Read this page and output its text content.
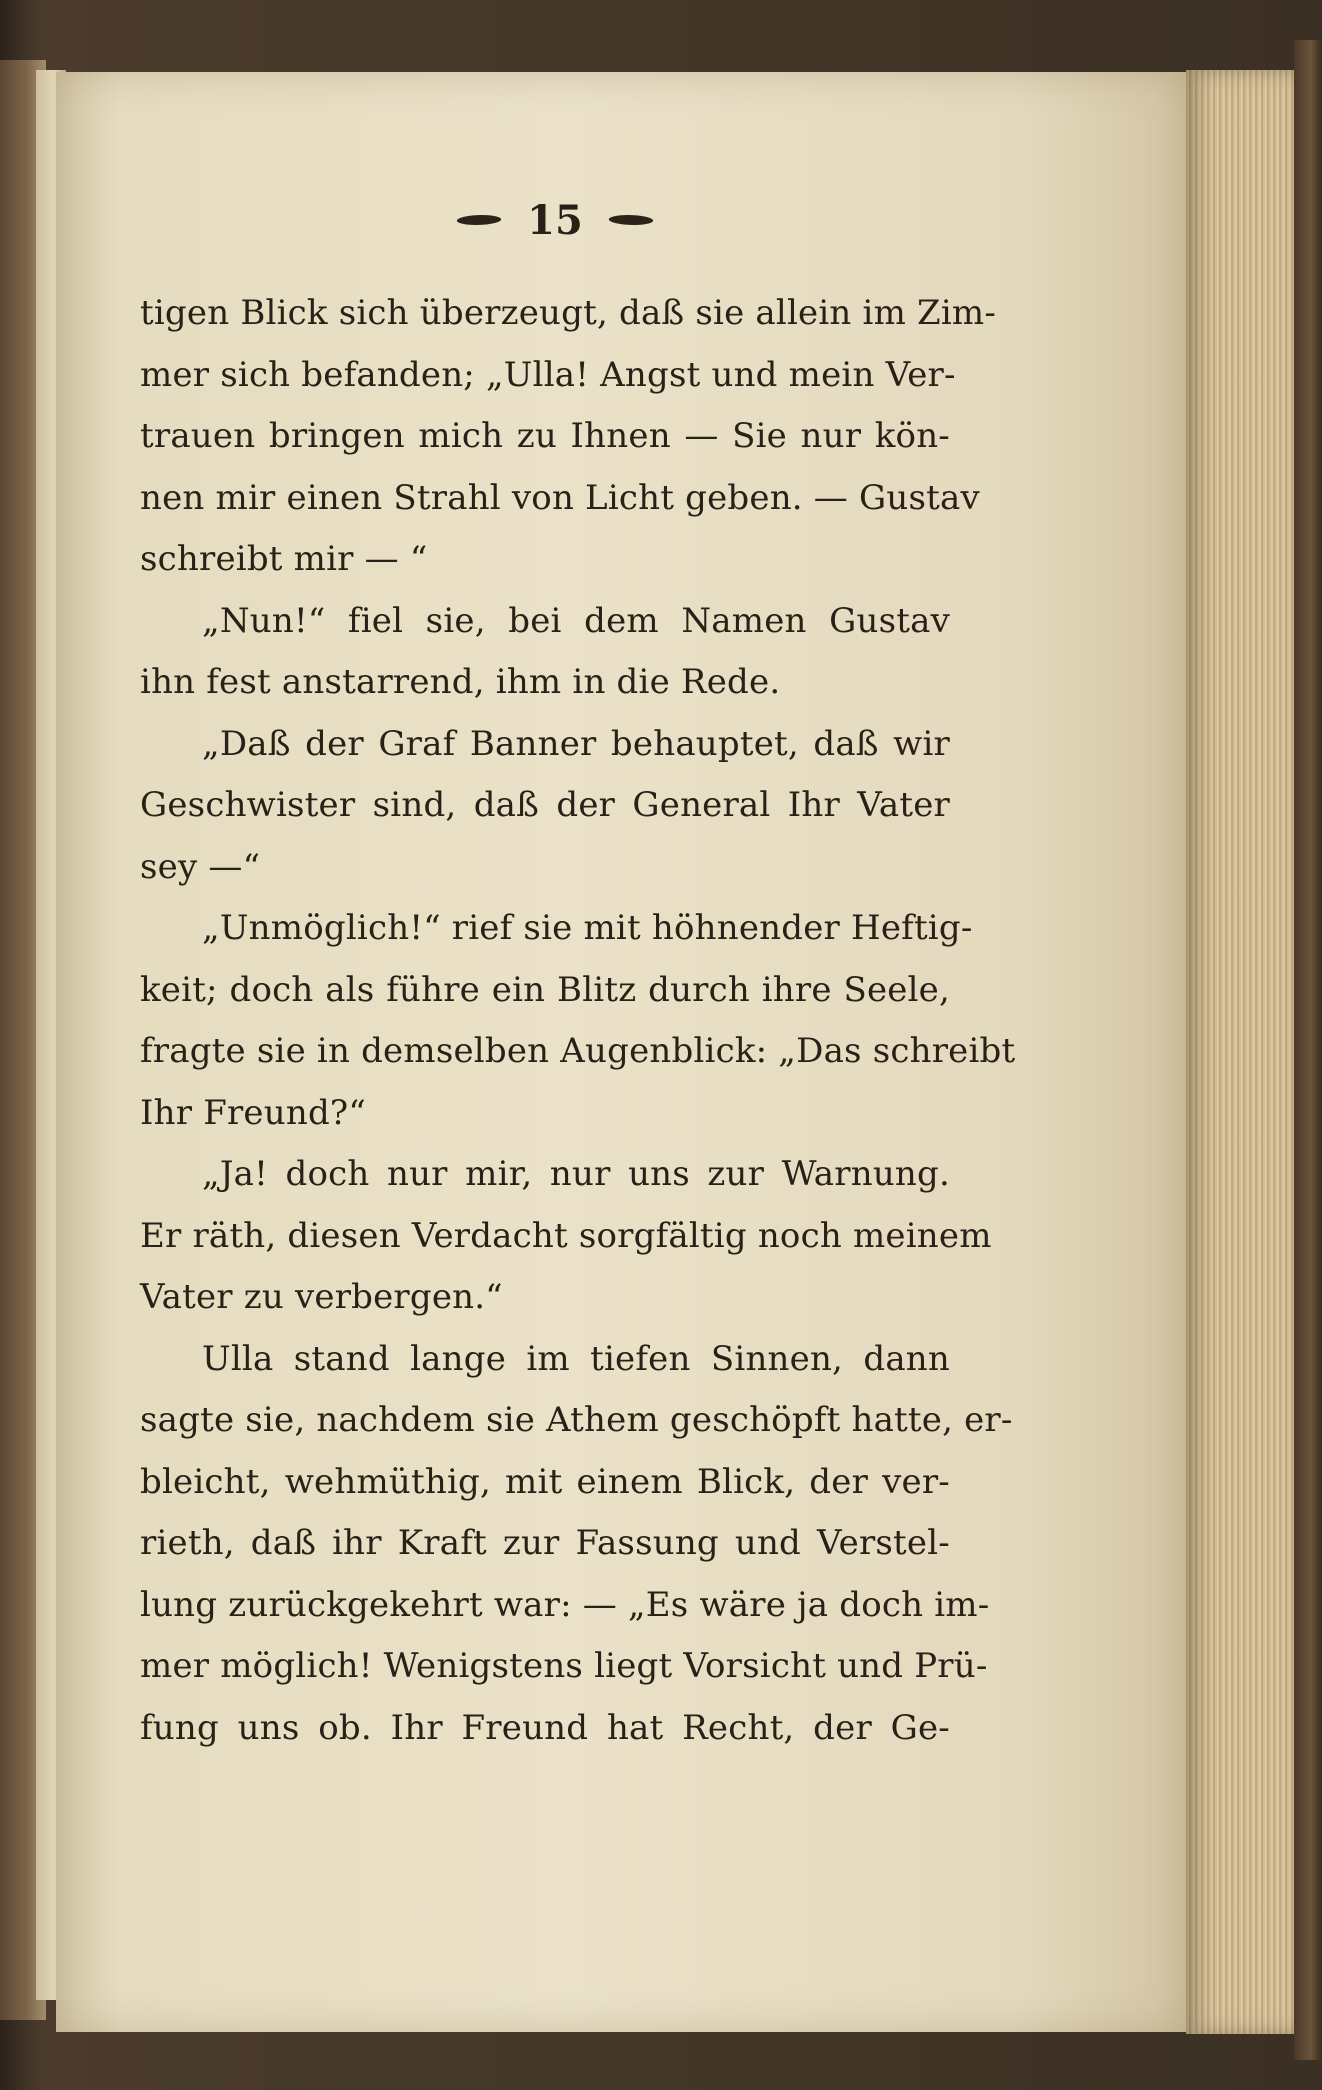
15
tigen Blick sich überzeugt, daß sie allein im Zim-
mer sich befanden; „Ulla! Angst und mein Ver-
trauen bringen mich zu Ihnen — Sie nur kön-
nen mir einen Strahl von Licht geben. — Gustav
schreibt mir — “
„Nun!“ fiel sie, bei dem Namen Gustav
ihn fest anstarrend, ihm in die Rede.
„Daß der Graf Banner behauptet, daß wir
Geschwister sind, daß der General Ihr Vater
sey —“
„Unmöglich!“ rief sie mit höhnender Heftig-
keit; doch als führe ein Blitz durch ihre Seele,
fragte sie in demselben Augenblick: „Das schreibt
Ihr Freund?“
„Ja! doch nur mir, nur uns zur Warnung.
Er räth, diesen Verdacht sorgfältig noch meinem
Vater zu verbergen.“
Ulla stand lange im tiefen Sinnen, dann
sagte sie, nachdem sie Athem geschöpft hatte, er-
bleicht, wehmüthig, mit einem Blick, der ver-
rieth, daß ihr Kraft zur Fassung und Verstel-
lung zurückgekehrt war: — „Es wäre ja doch im-
mer möglich! Wenigstens liegt Vorsicht und Prü-
fung uns ob. Ihr Freund hat Recht, der Ge-
